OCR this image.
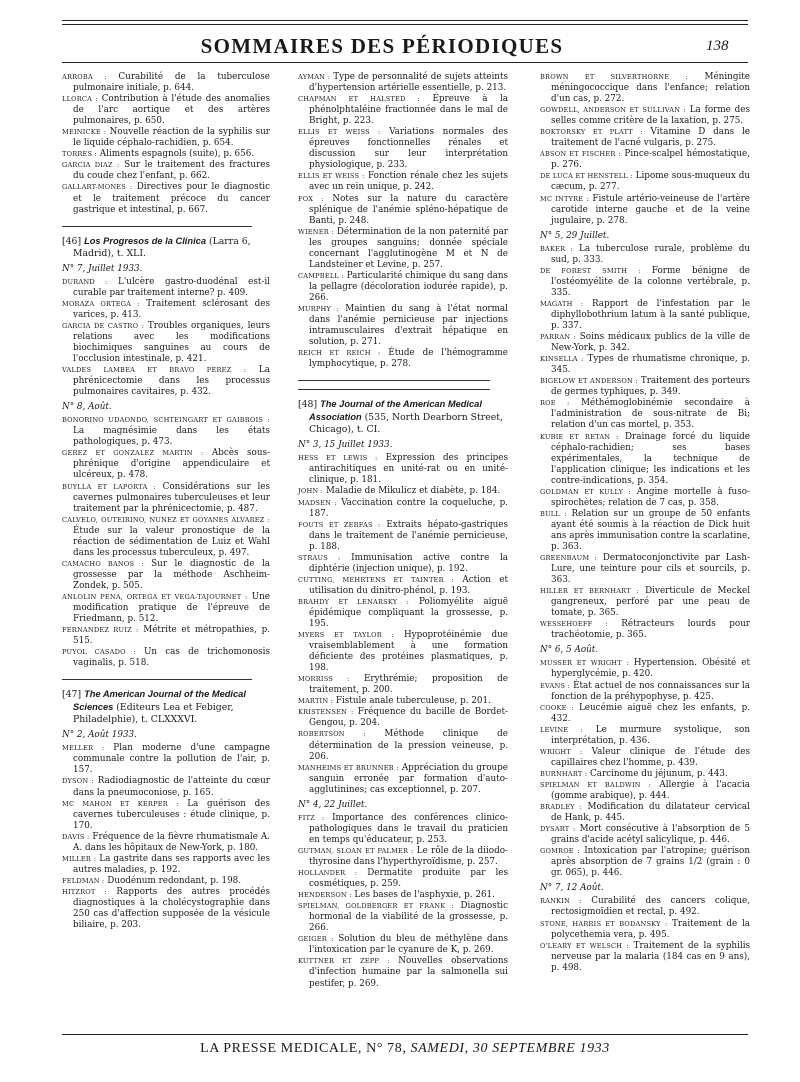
SOMMAIRES DES PÉRIODIQUES	138
ARROBA : Curabilité de la tuberculose pulmonaire initiale, p. 644.
LLORCA : Contribution à l'étude des anomalies de l'arc aortique et des artères pulmonaires, p. 650.
MEINICKE : Nouvelle réaction de la syphilis sur le liquide céphalo-rachidien, p. 654.
TORRES : Aliments espagnols (suite), p. 656.
GARCIA DIAZ : Sur le traitement des fractures du coude chez l'enfant, p. 662.
GALLART-MONES : Directives pour le diagnostic et le traitement précoce du cancer gastrique et intestinal, p. 667.
[46] Los Progresos de la Clinica (Larra 6, Madrid), t. XLI.
N° 7, Juillet 1933.
DURAND : L'ulcère gastro-duodénal est-il curable par traitement interne? p. 409.
MORAZA ORTEGA : Traitement sclérosant des varices, p. 413.
GARCIA DE CASTRO : Troubles organiques, leurs relations avec les modifications biochimiques sanguines au cours de l'occlusion intestinale, p. 421.
VALDES LAMBEA ET BRAVO PÉREZ : La phrénicectomie dans les processus pulmonaires cavitaires, p. 432.
N° 8, Août.
BONORINO UDAONDO, SCHTEINGART ET GAIBROIS : La magnésimie dans les états pathologiques, p. 473.
GEREZ ET GONZALEZ MARTIN : Abcès sous-phrénique d'origine appendiculaire et ulcéreux, p. 478.
BUYLLA ET LAPORTA : Considérations sur les cavernes pulmonaires tuberculeuses et leur traitement par la phrénicectomie, p. 487.
CALVELO, OUTEIRINO, NUNEZ ET GOYANES ALVAREZ : Étude sur la valeur pronostique de la réaction de sédimentation de Luiz et Wahl dans les processus tuberculeux, p. 497.
CAMACHO BANOS : Sur le diagnostic de la grossesse par la méthode Aschheim-Zondek, p. 505.
ANLOLIN PENA, ORTEGA ET VEGA-TAJOURNET : Une modification pratique de l'épreuve de Friedmann, p. 512.
FERNANDEZ RUIZ : Métrite et métropathies, p. 515.
PUYOL CASADO : Un cas de trichomonosis vaginalis, p. 518.
[47] The American Journal of the Medical Sciences (Editeurs Lea et Febiger, Philadelphie), t. CLXXXVI.
N° 2, Août 1933.
MELLER : Plan moderne d'une campagne communale contre la pollution de l'air, p. 157.
DYSON : Radiodiagnostic de l'atteinte du cœur dans la pneumoconiose, p. 165.
MC MAHON ET KERPER : La guérison des cavernes tuberculeuses : étude clinique, p. 170.
DAVIS : Fréquence de la fièvre rhumatismale A. A. dans les hôpitaux de New-York, p. 180.
MILLER : La gastrite dans ses rapports avec les autres maladies, p. 192.
FELDMAN : Duodénum redondant, p. 198.
HITZROT : Rapports des autres procédés diagnostiques à la cholécystographie dans 250 cas d'affection supposée de la vésicule biliaire, p. 203.
AYMAN : Type de personnalité de sujets atteints d'hypertension artérielle essentielle, p. 213.
CHAPMAN ET HALSTED : Épreuve à la phénolphtaléine fractionnée dans le mal de Bright, p. 223.
ELLIS ET WEISS : Variations normales des épreuves fonctionnelles rénales et discussion sur leur interprétation physiologique, p. 233.
ELLIS ET WEISS : Fonction rénale chez les sujets avec un rein unique, p. 242.
FOX : Notes sur la nature du caractère splénique de l'anémie spléno-hépatique de Banti, p. 248.
WIENER : Détermination de la non paternité par les groupes sanguins; donnée spéciale concernant l'agglutinogène M et N de Landsteiner et Levine, p. 257.
CAMPBELL : Particularité chimique du sang dans la pellagre (décoloration iodurée rapide), p. 266.
MURPHY : Maintien du sang à l'état normal dans l'anémie pernicieuse par injections intramusculaires d'extrait hépatique en solution, p. 271.
REICH ET REICH : Étude de l'hémogramme lymphocytique, p. 278.
[48] The Journal of the American Medical Association (535, North Dearborn Street, Chicago), t. CI.
N° 3, 15 Juillet 1933.
HESS ET LEWIS : Expression des principes antirachitiques en unité-rat ou en unité-clinique, p. 181.
JOHN : Maladie de Mikulicz et diabète, p. 184.
MADSEN : Vaccination contre la coqueluche, p. 187.
FOUTS ET ZERFAS : Extraits hépato-gastriques dans le traitement de l'anémie pernicieuse, p. 188.
STRAUS : Immunisation active contre la diphtérie (injection unique), p. 192.
CUTTING, MEHRTENS ET TAINTER : Action et utilisation du dinitro-phénol, p. 193.
BRAHDY ET LENARSKY : Poliomyélite aiguë épidémique compliquant la grossesse, p. 195.
MYERS ET TAYLOR : Hypoprotéinémie due vraisemblablement à une formation déficiente des protéines plasmatiques, p. 198.
MORRISS : Erythrémie; proposition de traitement, p. 200.
MARTIN : Fistule anale tuberculeuse, p. 201.
KRISTENSEN : Fréquence du bacille de Bordet-Gengou, p. 204.
ROBERTSON : Méthode clinique de détermination de la pression veineuse, p. 206.
MANHEIMS ET BRUNNER : Appréciation du groupe sanguin erronée par formation d'auto-agglutinines; cas exceptionnel, p. 207.
N° 4, 22 Juillet.
FITZ : Importance des conférences clinico-pathologiques dans le travail du praticien en temps qu'éducateur, p. 253.
GUTMAN, SLOAN ET PALMER : Le rôle de la diiodo-thyrosine dans l'hyperthyroïdisme, p. 257.
HOLLANDER : Dermatite produite par les cosmétiques, p. 259.
HENDERSON : Les bases de l'asphyxie, p. 261.
SPIELMAN, GOLDBERGER ET FRANK : Diagnostic hormonal de la viabilité de la grossesse, p. 266.
GEIGER : Solution du bleu de méthylène dans l'intoxication par le cyanure de K, p. 269.
KUTTNER ET ZEPP : Nouvelles observations d'infection humaine par la salmonella sui pestifer, p. 269.
BROWN ET SILVERTHORNE : Méningite méningococcique dans l'enfance; relation d'un cas, p. 272.
GOWDELL, ANDERSON ET SULLIVAN : La forme des selles comme critère de la laxation, p. 275.
BOKTORSKY ET PLATT : Vitamine D dans le traitement de l'acné vulgaris, p. 275.
ABSON ET FISCHER : Pince-scalpel hémostatique, p. 276.
DE LUCA ET HENSTELL : Lipome sous-muqueux du cæcum, p. 277.
MC INTYRE : Fistule artério-veineuse de l'artère carotide interne gauche et de la veine jugulaire, p. 278.
N° 5, 29 Juillet.
BAKER : La tuberculose rurale, problème du sud, p. 333.
DE FOREST SMITH : Forme bénigne de l'ostéomyélite de la colonne vertébrale, p. 335.
MAGATH : Rapport de l'infestation par le diphyllobothrium latum à la santé publique, p. 337.
PARRAN : Soins médicaux publics de la ville de New-York, p. 342.
KINSELLA : Types de rhumatisme chronique, p. 345.
BIGELOW ET ANDERSON : Traitement des porteurs de germes typhiques, p. 349.
ROE : Méthémoglobinémie secondaire à l'administration de sous-nitrate de Bi; relation d'un cas mortel, p. 353.
KUBIE ET RETAN : Drainage forcé du liquide céphalo-rachidien; ses bases expérimentales, la technique de l'application clinique; les indications et les contre-indications, p. 354.
GOLDMAN ET KULLY : Angine mortelle à fuso-spirochètes; relation de 7 cas, p. 358.
BULL : Relation sur un groupe de 50 enfants ayant été soumis à la réaction de Dick huit ans après immunisation contre la scarlatine, p. 363.
GREENBAUM : Dermatoconjonctivite par Lash-Lure, une teinture pour cils et sourcils, p. 363.
HILLER ET BERNHART : Diverticule de Meckel gangreneux, perforé par une peau de tomate, p. 365.
WESSEHOEFF : Rétracteurs lourds pour trachéotomie, p. 365.
N° 6, 5 Août.
MUSSER ET WRIGHT : Hypertension. Obésité et hyperglycémie, p. 420.
EVANS : État actuel de nos connaissances sur la fonction de la préhypophyse, p. 425.
COOKE : Leucémie aiguë chez les enfants, p. 432.
LEVINE : Le murmure systolique, son interprétation, p. 436.
WRIGHT : Valeur clinique de l'étude des capillaires chez l'homme, p. 439.
BURNHART : Carcinome du jéjunum, p. 443.
SPIELMAN ET BALDWIN : Allergie à l'acacia (gomme arabique), p. 444.
BRADLEY : Modification du dilatateur cervical de Hank, p. 445.
DYSART : Mort consécutive à l'absorption de 5 grains d'acide acétyl salicylique, p. 446.
GOMROE : Intoxication par l'atropine; guérison après absorption de 7 grains 1/2 (grain : 0 gr. 065), p. 446.
N° 7, 12 Août.
RANKIN : Curabilité des cancers colique, rectosigmoïdien et rectal, p. 492.
STONE, HARRIS ET BODANSKY : Traitement de la polycethemia vera, p. 495.
O'LEARY ET WELSCH : Traitement de la syphilis nerveuse par la malaria (184 cas en 9 ans), p. 498.
LA PRESSE MEDICALE, N° 78, SAMEDI, 30 SEPTEMBRE 1933
